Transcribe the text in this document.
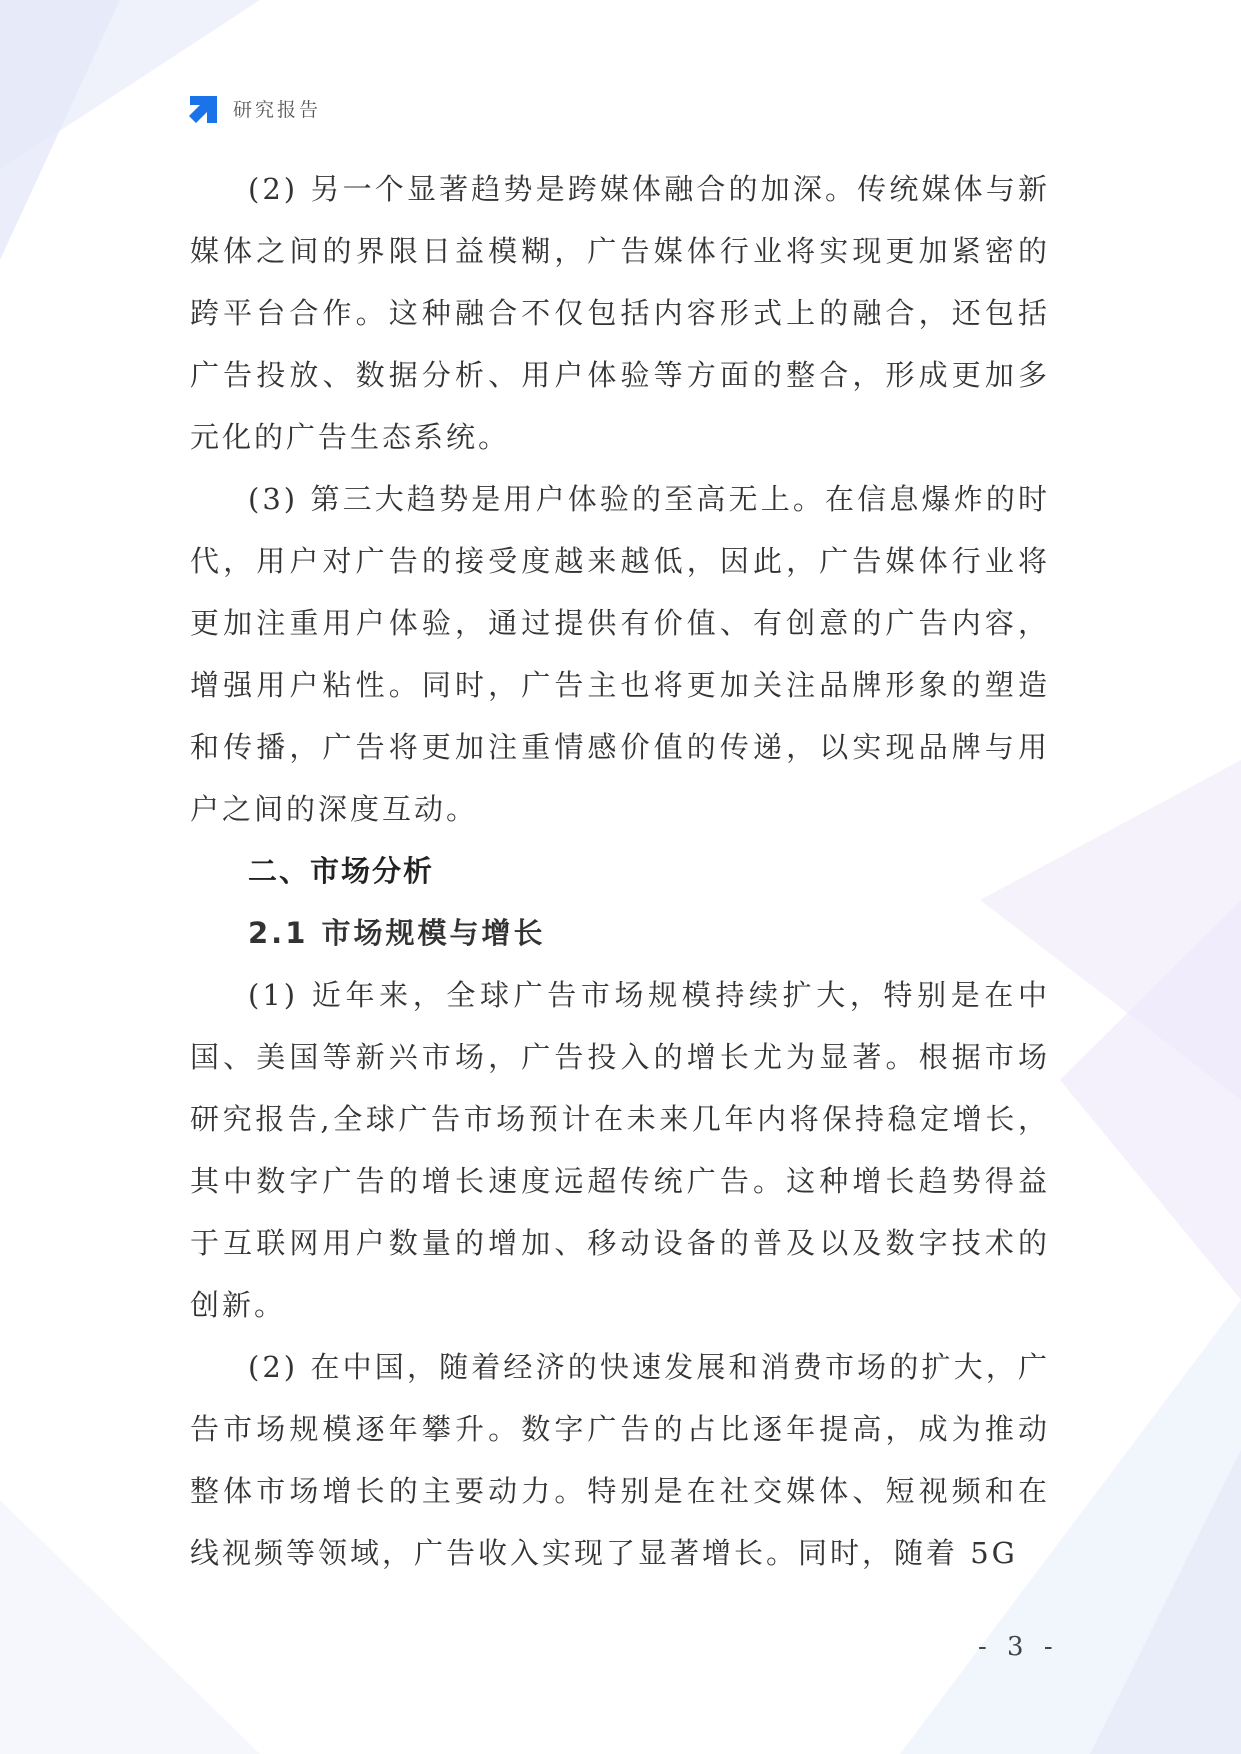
研究报告

(2) 另一个显著趋势是跨媒体融合的加深。传统媒体与新媒体之间的界限日益模糊，广告媒体行业将实现更加紧密的跨平台合作。这种融合不仅包括内容形式上的融合，还包括广告投放、数据分析、用户体验等方面的整合，形成更加多元化的广告生态系统。

(3) 第三大趋势是用户体验的至高无上。在信息爆炸的时代，用户对广告的接受度越来越低，因此，广告媒体行业将更加注重用户体验，通过提供有价值、有创意的广告内容，增强用户粘性。同时，广告主也将更加关注品牌形象的塑造和传播，广告将更加注重情感价值的传递，以实现品牌与用户之间的深度互动。

二、市场分析
2.1 市场规模与增长

(1) 近年来，全球广告市场规模持续扩大，特别是在中国、美国等新兴市场，广告投入的增长尤为显著。根据市场研究报告,全球广告市场预计在未来几年内将保持稳定增长，其中数字广告的增长速度远超传统广告。这种增长趋势得益于互联网用户数量的增加、移动设备的普及以及数字技术的创新。

(2) 在中国，随着经济的快速发展和消费市场的扩大，广告市场规模逐年攀升。数字广告的占比逐年提高，成为推动整体市场增长的主要动力。特别是在社交媒体、短视频和在线视频等领域，广告收入实现了显著增长。同时，随着 5G

- 3 -
